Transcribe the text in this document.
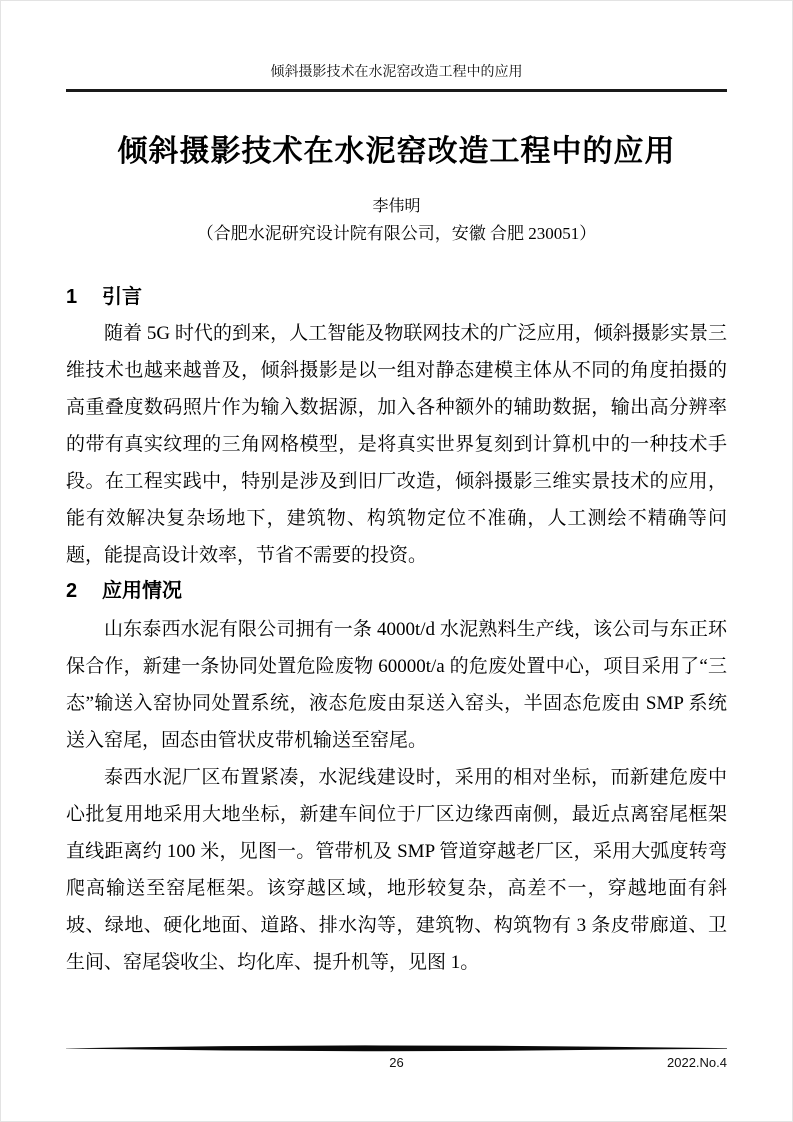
倾斜摄影技术在水泥窑改造工程中的应用
倾斜摄影技术在水泥窑改造工程中的应用
李伟明
（合肥水泥研究设计院有限公司，安徽 合肥 230051）
1 引言

随着 5G 时代的到来，人工智能及物联网技术的广泛应用，倾斜摄影实景三维技术也越来越普及，倾斜摄影是以一组对静态建模主体从不同的角度拍摄的高重叠度数码照片作为输入数据源，加入各种额外的辅助数据，输出高分辨率的带有真实纹理的三角网格模型，是将真实世界复刻到计算机中的一种技术手段。在工程实践中，特别是涉及到旧厂改造，倾斜摄影三维实景技术的应用，能有效解决复杂场地下，建筑物、构筑物定位不准确，人工测绘不精确等问题，能提高设计效率，节省不需要的投资。

2 应用情况

山东泰西水泥有限公司拥有一条 4000t/d 水泥熟料生产线，该公司与东正环保合作，新建一条协同处置危险废物 60000t/a 的危废处置中心，项目采用了“三态”输送入窑协同处置系统，液态危废由泵送入窑头，半固态危废由 SMP 系统送入窑尾，固态由管状皮带机输送至窑尾。

泰西水泥厂区布置紧凑，水泥线建设时，采用的相对坐标，而新建危废中心批复用地采用大地坐标，新建车间位于厂区边缘西南侧，最近点离窑尾框架直线距离约 100 米，见图一。管带机及 SMP 管道穿越老厂区，采用大弧度转弯爬高输送至窑尾框架。该穿越区域，地形较复杂，高差不一，穿越地面有斜坡、绿地、硬化地面、道路、排水沟等，建筑物、构筑物有 3 条皮带廊道、卫生间、窑尾袋收尘、均化库、提升机等，见图 1。

26	2022.No.4
